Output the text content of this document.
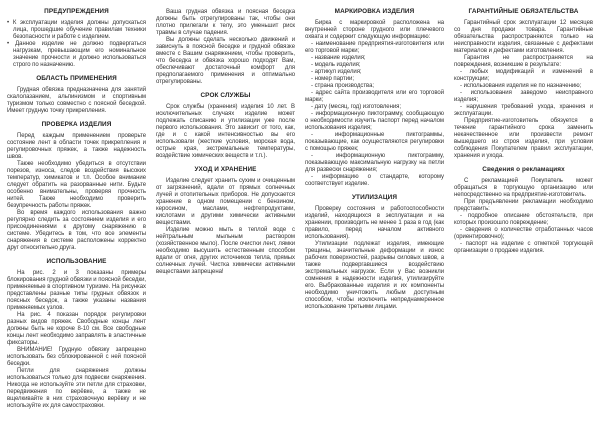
ПРЕДУПРЕЖДЕНИЯ

• К эксплуатации изделия должны допускаться лица, прошедшие обучение правилам техники безопасности и работе с изделием.

• Данное изделие не должно подвергаться нагрузкам, превышающим его номинальное значение прочности и должно использоваться строго по назначению.

ОБЛАСТЬ ПРИМЕНЕНИЯ

Грудная обвязка предназначена для занятий скалолазанием, альпинизмом и спортивным туризмом только совместно с поясной беседкой. Имеет грудную точку прикрепления.

ПРОВЕРКА ИЗДЕЛИЯ

Перед каждым применением проверьте состояние лент в области точек прикрепления и регулировочных пряжек, а также надежность швов.

Также необходимо убедиться в отсутствии порезов, износа, следов воздействия высоких температур, химикатов и т.п. Особое внимание следует обратить на разорванные нити. Будьте особенно внимательны, проверяя прочность нитей. Также необходимо проверить безупречность работы пряжек.

Во время каждого использования важно регулярно следить за состоянием изделия и его присоединениями к другому снаряжению в системе. Убедитесь в том, что все элементы снаряжения в системе расположены корректно друг относительно друга.

ИСПОЛЬЗОВАНИЕ

На рис. 2 и 3 показаны примеры блокирования грудной обвязки и поясной беседки, применяемые в спортивном туризме. На рисунках представлены разные типы грудных обвязок и поясных беседок, а также указаны названия применяемых узлов.

На рис. 4 показан порядок регулировки разных видов пряжек. Свободные концы лент должны быть не короче 8-10 см. Все свободные концы лент необходимо заправлять в эластичные фиксаторы.

ВНИМАНИЕ! Грудную обвязку запрещено использовать без сблокированной с ней поясной беседки.

Петли для снаряжения должны использоваться только для подвески снаряжения. Никогда не используйте эти петли для страховки, передвижения по верёвке, а также не вщелкивайте в них страховочную верёвку и не используйте их для самостраховки.

Ваша грудная обвязка и поясная беседка должны быть отрегулированы так, чтобы они плотно прилегали к телу, это уменьшит риск травмы в случае падения.

Вы должны сделать несколько движений и зависнуть в поясной беседке и грудной обвязке вместе с Вашим снаряжением, чтобы проверить, что беседка и обвязка хорошо подходят Вам, обеспечивают достаточный комфорт для предполагаемого применения и оптимально отрегулированы.

СРОК СЛУЖБЫ

Срок службы (хранения) изделия 10 лет. В исключительных случаях изделие может подлежать списанию и утилизации уже после первого использования. Это зависит от того, как, где и с какой интенсивностью вы его использовали (жесткие условия, морская вода, острые края, экстремальные температуры, воздействие химических веществ и т.п.).

УХОД И ХРАНЕНИЕ

Изделие следует хранить сухим и очищенным от загрязнений, вдали от прямых солнечных лучей и отопительных приборов. Не допускается хранение в одном помещении с бензином, керосином, маслами, нефтепродуктами, кислотами и другими химически активными веществами.

Изделие можно мыть в теплой воде с нейтральным мыльным раствором (хозяйственное мыло). После очистки лент, лямки необходимо высушить естественным способом вдали от огня, других источников тепла, прямых солнечных лучей. Чистка химически активными веществами запрещена!

МАРКИРОВКА ИЗДЕЛИЯ

Бирка с маркировкой расположена на внутренней стороне грудного или плечевого охвата и содержит следующую информацию:

- наименование предприятия-изготовителя или его торговой марки;

- название изделия;

- модель изделия;

- артикул изделия;

- номер партии;

- страна производства;

- адрес сайта производителя или его торговой марки;

- дату (месяц, год) изготовления;

- информационную пиктограмму, сообщающую о необходимости изучить паспорт перед началом использования изделия;

- информационные пиктограммы, показывающие, как осуществляются регулировки с помощью пряжек;

- информационную пиктограмму, показывающую максимальную нагрузку на петли для развески снаряжения;

- информацию о стандарте, которому соответствует изделие.

УТИЛИЗАЦИЯ

Проверку состояния и работоспособности изделий, находящихся в эксплуатации и на хранении, производить не менее 1 раза в год (как правило, перед началом активного использования).

Утилизации подлежат изделия, имеющие трещины, значительные деформации и износ рабочих поверхностей, разрывы силовых швов, а также подвергавшиеся воздействию экстремальных нагрузок. Если у Вас возникли сомнения в надежности изделия, утилизируйте его. Выбракованные изделия и их компоненты необходимо уничтожить любым доступным способом, чтобы исключить непреднамеренное использование третьими лицами.

ГАРАНТИЙНЫЕ ОБЯЗАТЕЛЬСТВА

Гарантийный срок эксплуатации 12 месяцев со дня продажи товара. Гарантийные обязательства распространяются только на неисправности изделия, связанные с дефектами материалов и дефектами изготовления.

Гарантия не распространяется на повреждения, возникшие в результате:

- любых модификаций и изменений в конструкции;

- использования изделия не по назначению;

- использования заведомо неисправного изделия;

- нарушения требований ухода, хранения и эксплуатации.

Предприятие-изготовитель обязуется в течение гарантийного срока заменить некачественное или произвести ремонт вышедшего из строя изделия, при условии соблюдения Покупателем правил эксплуатации, хранения и ухода.

Сведения о рекламациях

С рекламацией Покупатель может обращаться в торгующую организацию или непосредственно на предприятие-изготовитель.

При предъявлении рекламации необходимо представить:

- подробное описание обстоятельств, при которых произошло повреждение;

- сведения о количестве отработанных часов (ориентировочно);

- паспорт на изделие с отметкой торгующей организации о продаже изделия.
